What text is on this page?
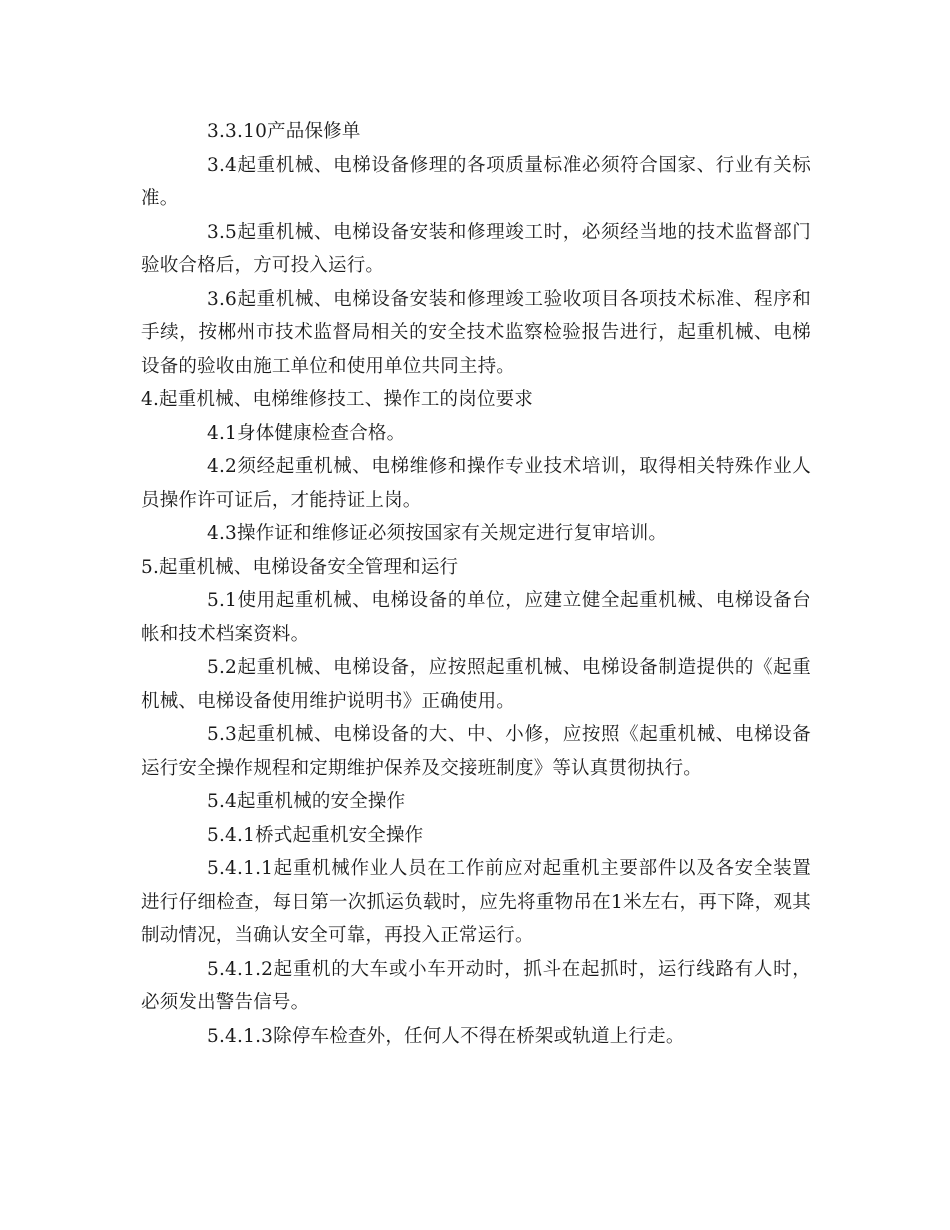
3.3.10产品保修单

3.4起重机械、电梯设备修理的各项质量标准必须符合国家、行业有关标准。

3.5起重机械、电梯设备安装和修理竣工时，必须经当地的技术监督部门验收合格后，方可投入运行。

3.6起重机械、电梯设备安装和修理竣工验收项目各项技术标准、程序和手续，按郴州市技术监督局相关的安全技术监察检验报告进行，起重机械、电梯设备的验收由施工单位和使用单位共同主持。

4.起重机械、电梯维修技工、操作工的岗位要求

4.1身体健康检查合格。

4.2须经起重机械、电梯维修和操作专业技术培训，取得相关特殊作业人员操作许可证后，才能持证上岗。

4.3操作证和维修证必须按国家有关规定进行复审培训。

5.起重机械、电梯设备安全管理和运行

5.1使用起重机械、电梯设备的单位，应建立健全起重机械、电梯设备台帐和技术档案资料。

5.2起重机械、电梯设备，应按照起重机械、电梯设备制造提供的《起重机械、电梯设备使用维护说明书》正确使用。

5.3起重机械、电梯设备的大、中、小修，应按照《起重机械、电梯设备运行安全操作规程和定期维护保养及交接班制度》等认真贯彻执行。

5.4起重机械的安全操作

5.4.1桥式起重机安全操作

5.4.1.1起重机械作业人员在工作前应对起重机主要部件以及各安全装置进行仔细检查，每日第一次抓运负载时，应先将重物吊在1米左右，再下降，观其制动情况，当确认安全可靠，再投入正常运行。

5.4.1.2起重机的大车或小车开动时，抓斗在起抓时，运行线路有人时，必须发出警告信号。

5.4.1.3除停车检查外，任何人不得在桥架或轨道上行走。
